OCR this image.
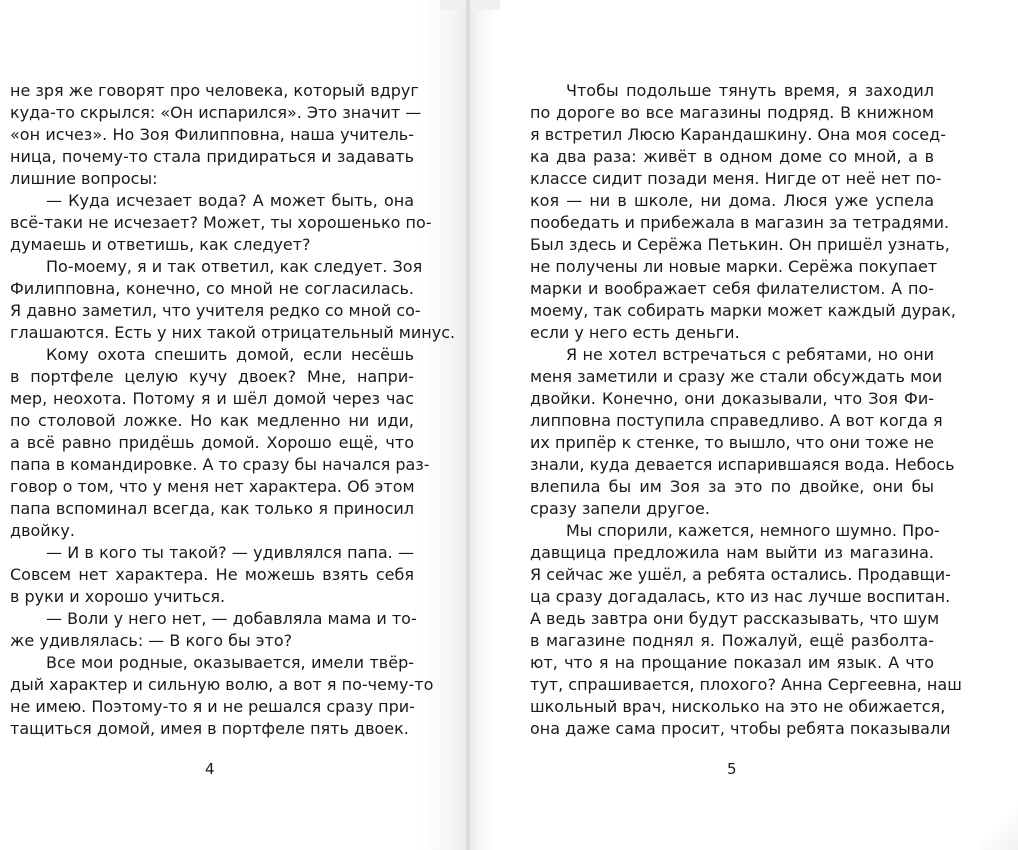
не зря же говорят про человека, который вдруг
куда-то скрылся: «Он испарился». Это значит —
«он исчез». Но Зоя Филипповна, наша учитель-
ница, почему-то стала придираться и задавать
лишние вопросы:
— Куда исчезает вода? А может быть, она
всё-таки не исчезает? Может, ты хорошенько по-
думаешь и ответишь, как следует?
По-моему, я и так ответил, как следует. Зоя
Филипповна, конечно, со мной не согласилась.
Я давно заметил, что учителя редко со мной со-
глашаются. Есть у них такой отрицательный минус.
Кому охота спешить домой, если несёшь
в портфеле целую кучу двоек? Мне, напри-
мер, неохота. Потому я и шёл домой через час
по столовой ложке. Но как медленно ни иди,
а всё равно придёшь домой. Хорошо ещё, что
папа в командировке. А то сразу бы начался раз-
говор о том, что у меня нет характера. Об этом
папа вспоминал всегда, как только я приносил
двойку.
— И в кого ты такой? — удивлялся папа. —
Совсем нет характера. Не можешь взять себя
в руки и хорошо учиться.
— Воли у него нет, — добавляла мама и то-
же удивлялась: — В кого бы это?
Все мои родные, оказывается, имели твёр-
дый характер и сильную волю, а вот я по-чему-то
не имею. Поэтому-то я и не решался сразу при-
тащиться домой, имея в портфеле пять двоек.
4
Чтобы подольше тянуть время, я заходил
по дороге во все магазины подряд. В книжном
я встретил Люсю Карандашкину. Она моя сосед-
ка два раза: живёт в одном доме со мной, а в
классе сидит позади меня. Нигде от неё нет по-
коя — ни в школе, ни дома. Люся уже успела
пообедать и прибежала в магазин за тетрадями.
Был здесь и Серёжа Петькин. Он пришёл узнать,
не получены ли новые марки. Серёжа покупает
марки и воображает себя филателистом. А по-
моему, так собирать марки может каждый дурак,
если у него есть деньги.
Я не хотел встречаться с ребятами, но они
меня заметили и сразу же стали обсуждать мои
двойки. Конечно, они доказывали, что Зоя Фи-
липповна поступила справедливо. А вот когда я
их припёр к стенке, то вышло, что они тоже не
знали, куда девается испарившаяся вода. Небось
влепила бы им Зоя за это по двойке, они бы
сразу запели другое.
Мы спорили, кажется, немного шумно. Про-
давщица предложила нам выйти из магазина.
Я сейчас же ушёл, а ребята остались. Продавщи-
ца сразу догадалась, кто из нас лучше воспитан.
А ведь завтра они будут рассказывать, что шум
в магазине поднял я. Пожалуй, ещё разболта-
ют, что я на прощание показал им язык. А что
тут, спрашивается, плохого? Анна Сергеевна, наш
школьный врач, нисколько на это не обижается,
она даже сама просит, чтобы ребята показывали
5
